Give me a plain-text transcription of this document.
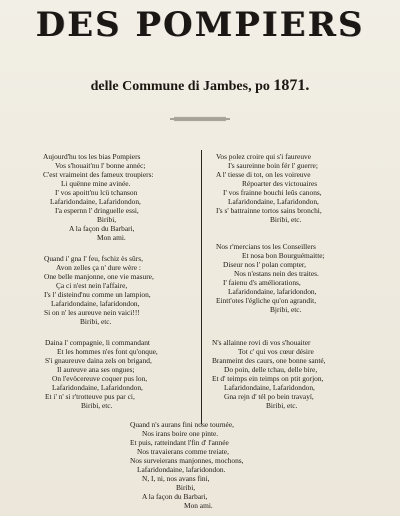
DES POMPIERS
delle Commune di Jambes, po 1871.
Aujourd'hu tos les bias Pompiers
Vos s'houait'nu l' bonne annéc;
C'est vraimeint des fameux troupiers:
Li quënne mine avinée.
I' vos apoitt'nu lcü tchanson
Lafaridondaine, Lafaridondon,
I'a espernn l' dringuelle essi,
Biribi,
A la façon du Barbari,
Mon ami.
Quand i' gna l' feu, fschiz ès sûrs,
Avon zelles ça n' dure wère :
One belle manjonne, one vie masure,
Ça ci n'est nein l'affaire,
I's l' disteind'nu comme un lampion,
Lafaridondaine, lafaridondon,
Si on n' les aureuve nein vaici!!!
Biribi, etc.
Daina l' compagnie, li commandant
Et les hommes n'es font qu'onque,
S'i gnaureuve daina zels on brigand,
Il aureuve ana ses ongues;
On l'evöcereuve coquer pus lon,
Lafaridondaine, Lafaridondon,
Et i' n' si r'trotteuve pus par ci,
Biribi, etc.
Vos polez croire qui s'i faureuve
I's saureinne boin fér l' guerre;
A l' tiesse di tot, on les voireuve
Répoarter des victouaires
I' vos frainne bouchi leûs canons,
Lafaridondaine, Lafaridondon,
I's s' battrainne tortos sains bronchi,
Biribi, etc.
Nos r'mercians tos les Conseillers
Et nosa bon Bourguémaitte;
Diseur nos l' polan compter,
Nos n'estans nein des traites.
I' faienu d's améliorations,
Lafaridondaine, lafaridondon,
Eintt'otes l'égliche qu'on agrandit,
Bjribi, etc.
N's allainne rovi di vos s'houaiter
Tot c' qui vos cœur désire
Branmeint des caurs, one bonne santé,
Do poin, delle tchau, delle bire,
Et d' teimps ein teimps on ptit gorjon,
Lafaridondaine, Lafaridondon,
Gna rejn d' tél po bein travayí,
Biribi, etc.
Quand n's aurans fini nose tournée,
Nos irans boire one pinte.
Et puis, ratteindant l'fin d' l'année
Nos travaierans comme treiate,
Nos surveierans manjonnes, mochons,
Lafaridondaine, lafaridondon.
N, I, ni, nos avans fini,
Biribi,
A la façon du Barbari,
Mon ami.
